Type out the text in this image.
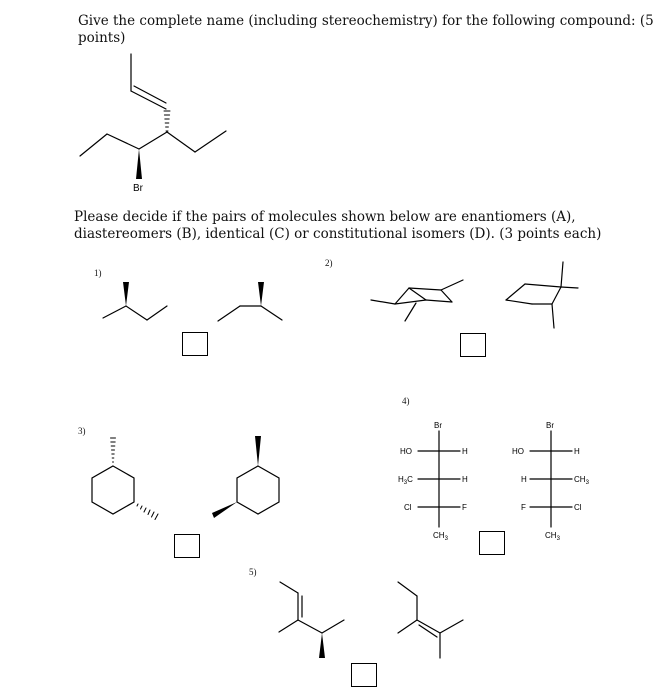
Give the complete name (including stereochemistry) for the following compound: (5 points)
Please decide if the pairs of molecules shown below are enantiomers (A), diastereomers (B), identical (C) or constitutional isomers (D). (3 points each)
1)
2)
3)
4)
5)
Br
Br
HO	H
$H_3C$	H
Cl	F
$CH_3$
Br
HO	H
H	$CH_3$
F	Cl
$CH_3$
